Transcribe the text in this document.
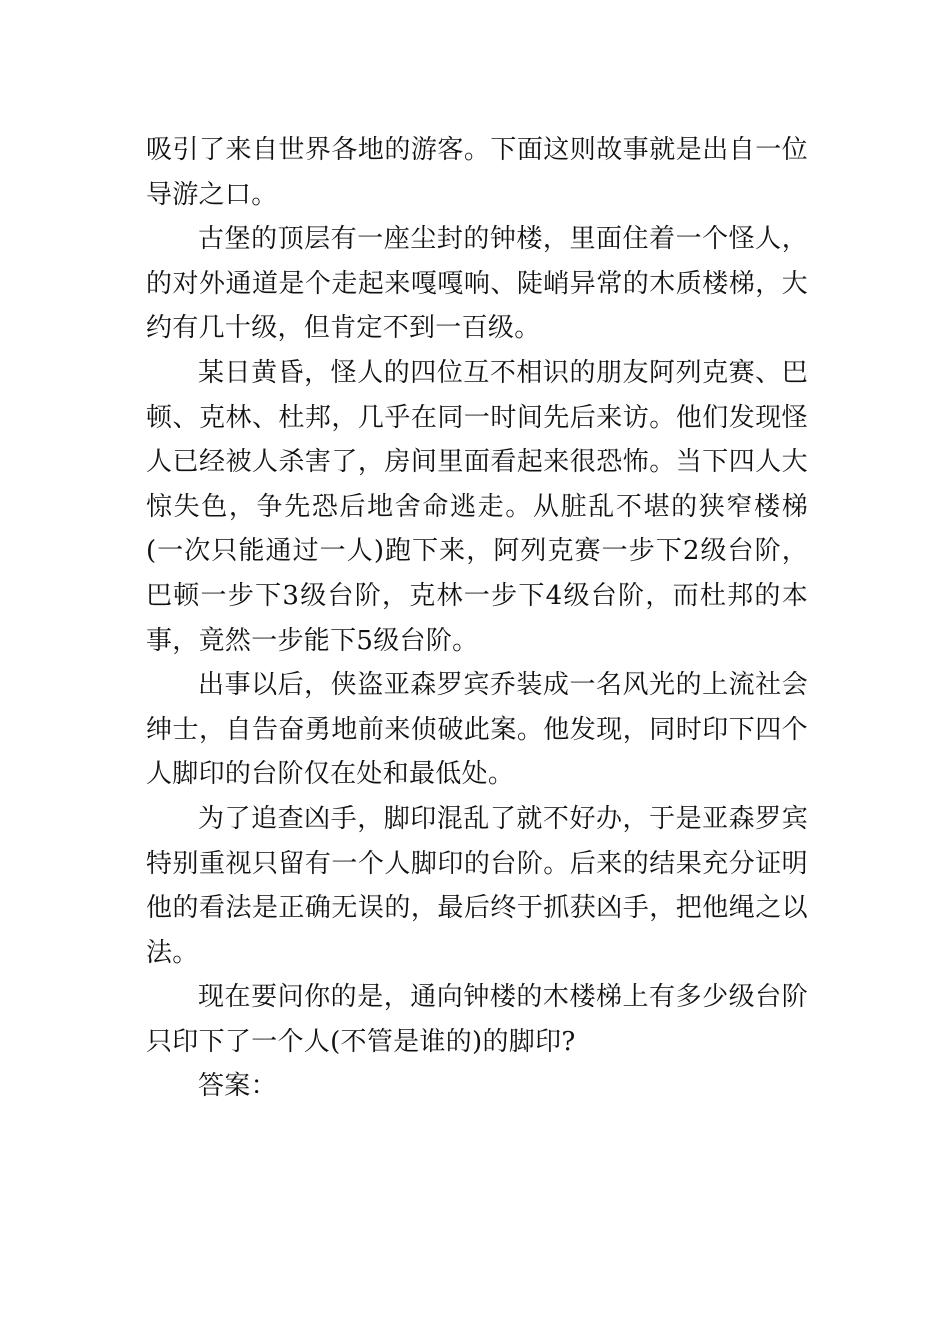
吸引了来自世界各地的游客。下面这则故事就是出自一位导游之口。

古堡的顶层有一座尘封的钟楼，里面住着一个怪人，的对外通道是个走起来嘎嘎响、陡峭异常的木质楼梯，大约有几十级，但肯定不到一百级。

某日黄昏，怪人的四位互不相识的朋友阿列克赛、巴顿、克林、杜邦，几乎在同一时间先后来访。他们发现怪人已经被人杀害了，房间里面看起来很恐怖。当下四人大惊失色，争先恐后地舍命逃走。从脏乱不堪的狭窄楼梯(一次只能通过一人)跑下来，阿列克赛一步下2级台阶，巴顿一步下3级台阶，克林一步下4级台阶，而杜邦的本事，竟然一步能下5级台阶。

出事以后，侠盗亚森罗宾乔装成一名风光的上流社会绅士，自告奋勇地前来侦破此案。他发现，同时印下四个人脚印的台阶仅在处和最低处。

为了追查凶手，脚印混乱了就不好办，于是亚森罗宾特别重视只留有一个人脚印的台阶。后来的结果充分证明他的看法是正确无误的，最后终于抓获凶手，把他绳之以法。

现在要问你的是，通向钟楼的木楼梯上有多少级台阶只印下了一个人(不管是谁的)的脚印?

答案：
